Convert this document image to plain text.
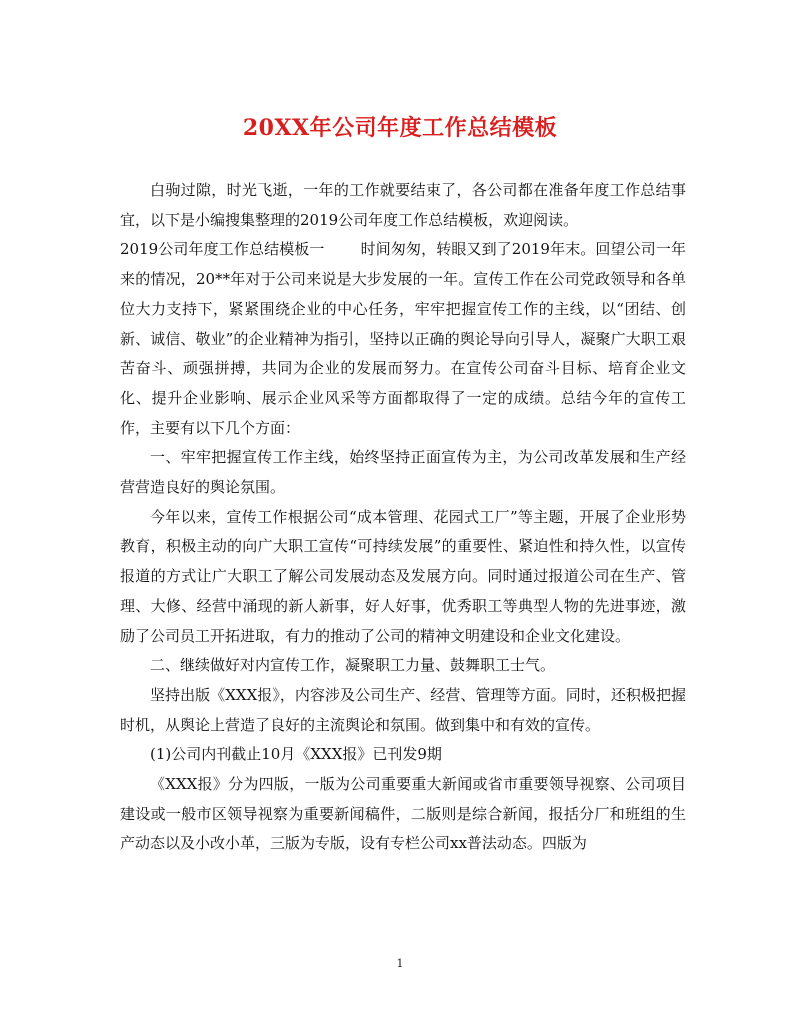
20XX年公司年度工作总结模板

白驹过隙，时光飞逝，一年的工作就要结束了，各公司都在准备年度工作总结事宜，以下是小编搜集整理的2019公司年度工作总结模板，欢迎阅读。

2019公司年度工作总结模板一 时间匆匆，转眼又到了2019年末。回望公司一年来的情况，20**年对于公司来说是大步发展的一年。宣传工作在公司党政领导和各单位大力支持下，紧紧围绕企业的中心任务，牢牢把握宣传工作的主线，以“团结、创新、诚信、敬业”的企业精神为指引，坚持以正确的舆论导向引导人，凝聚广大职工艰苦奋斗、顽强拼搏，共同为企业的发展而努力。在宣传公司奋斗目标、培育企业文化、提升企业影响、展示企业风采等方面都取得了一定的成绩。总结今年的宣传工作，主要有以下几个方面：

一、牢牢把握宣传工作主线，始终坚持正面宣传为主，为公司改革发展和生产经营营造良好的舆论氛围。

今年以来，宣传工作根据公司“成本管理、花园式工厂”等主题，开展了企业形势教育，积极主动的向广大职工宣传“可持续发展”的重要性、紧迫性和持久性，以宣传报道的方式让广大职工了解公司发展动态及发展方向。同时通过报道公司在生产、管理、大修、经营中涌现的新人新事，好人好事，优秀职工等典型人物的先进事迹，激励了公司员工开拓进取，有力的推动了公司的精神文明建设和企业文化建设。

二、继续做好对内宣传工作，凝聚职工力量、鼓舞职工士气。

坚持出版《XXX报》，内容涉及公司生产、经营、管理等方面。同时，还积极把握时机，从舆论上营造了良好的主流舆论和氛围。做到集中和有效的宣传。

(1)公司内刊截止10月《XXX报》已刊发9期

《XXX报》分为四版，一版为公司重要重大新闻或省市重要领导视察、公司项目建设或一般市区领导视察为重要新闻稿件，二版则是综合新闻，报括分厂和班组的生产动态以及小改小革，三版为专版，设有专栏公司xx普法动态。四版为

1
